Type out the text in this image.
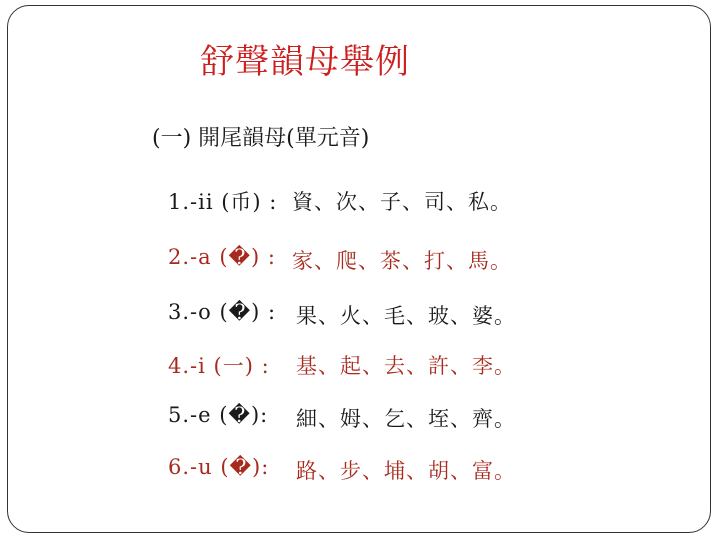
舒聲韻母舉例
(一) 開尾韻母(單元音)
1.-ii (币) : 資、次、子、司、私。
2.-a (�) : 家、爬、茶、打、馬。
3.-o (�) : 果、火、毛、玻、婆。
4.-i (一) : 基、起、去、許、李。
5.-e (�): 細、姆、乞、垤、齊。
6.-u (�): 路、步、埔、胡、富。
